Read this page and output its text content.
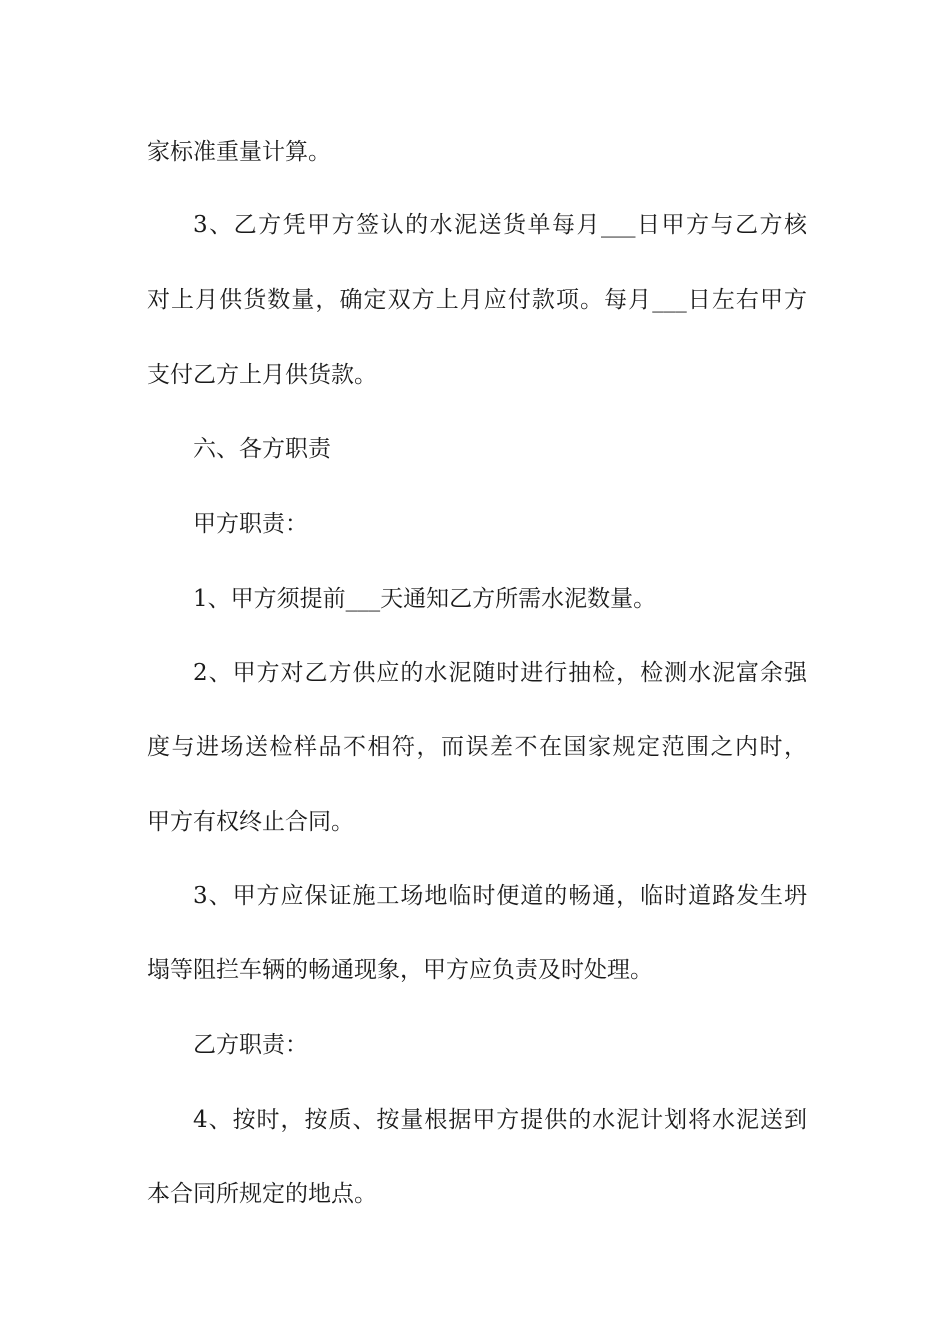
家标准重量计算。
3、乙方凭甲方签认的水泥送货单每月___日甲方与乙方核
对上月供货数量，确定双方上月应付款项。每月___日左右甲方
支付乙方上月供货款。
六、各方职责
甲方职责：
1、甲方须提前___天通知乙方所需水泥数量。
2、甲方对乙方供应的水泥随时进行抽检，检测水泥富余强
度与进场送检样品不相符，而误差不在国家规定范围之内时，
甲方有权终止合同。
3、甲方应保证施工场地临时便道的畅通，临时道路发生坍
塌等阻拦车辆的畅通现象，甲方应负责及时处理。
乙方职责：
4、按时，按质、按量根据甲方提供的水泥计划将水泥送到
本合同所规定的地点。
